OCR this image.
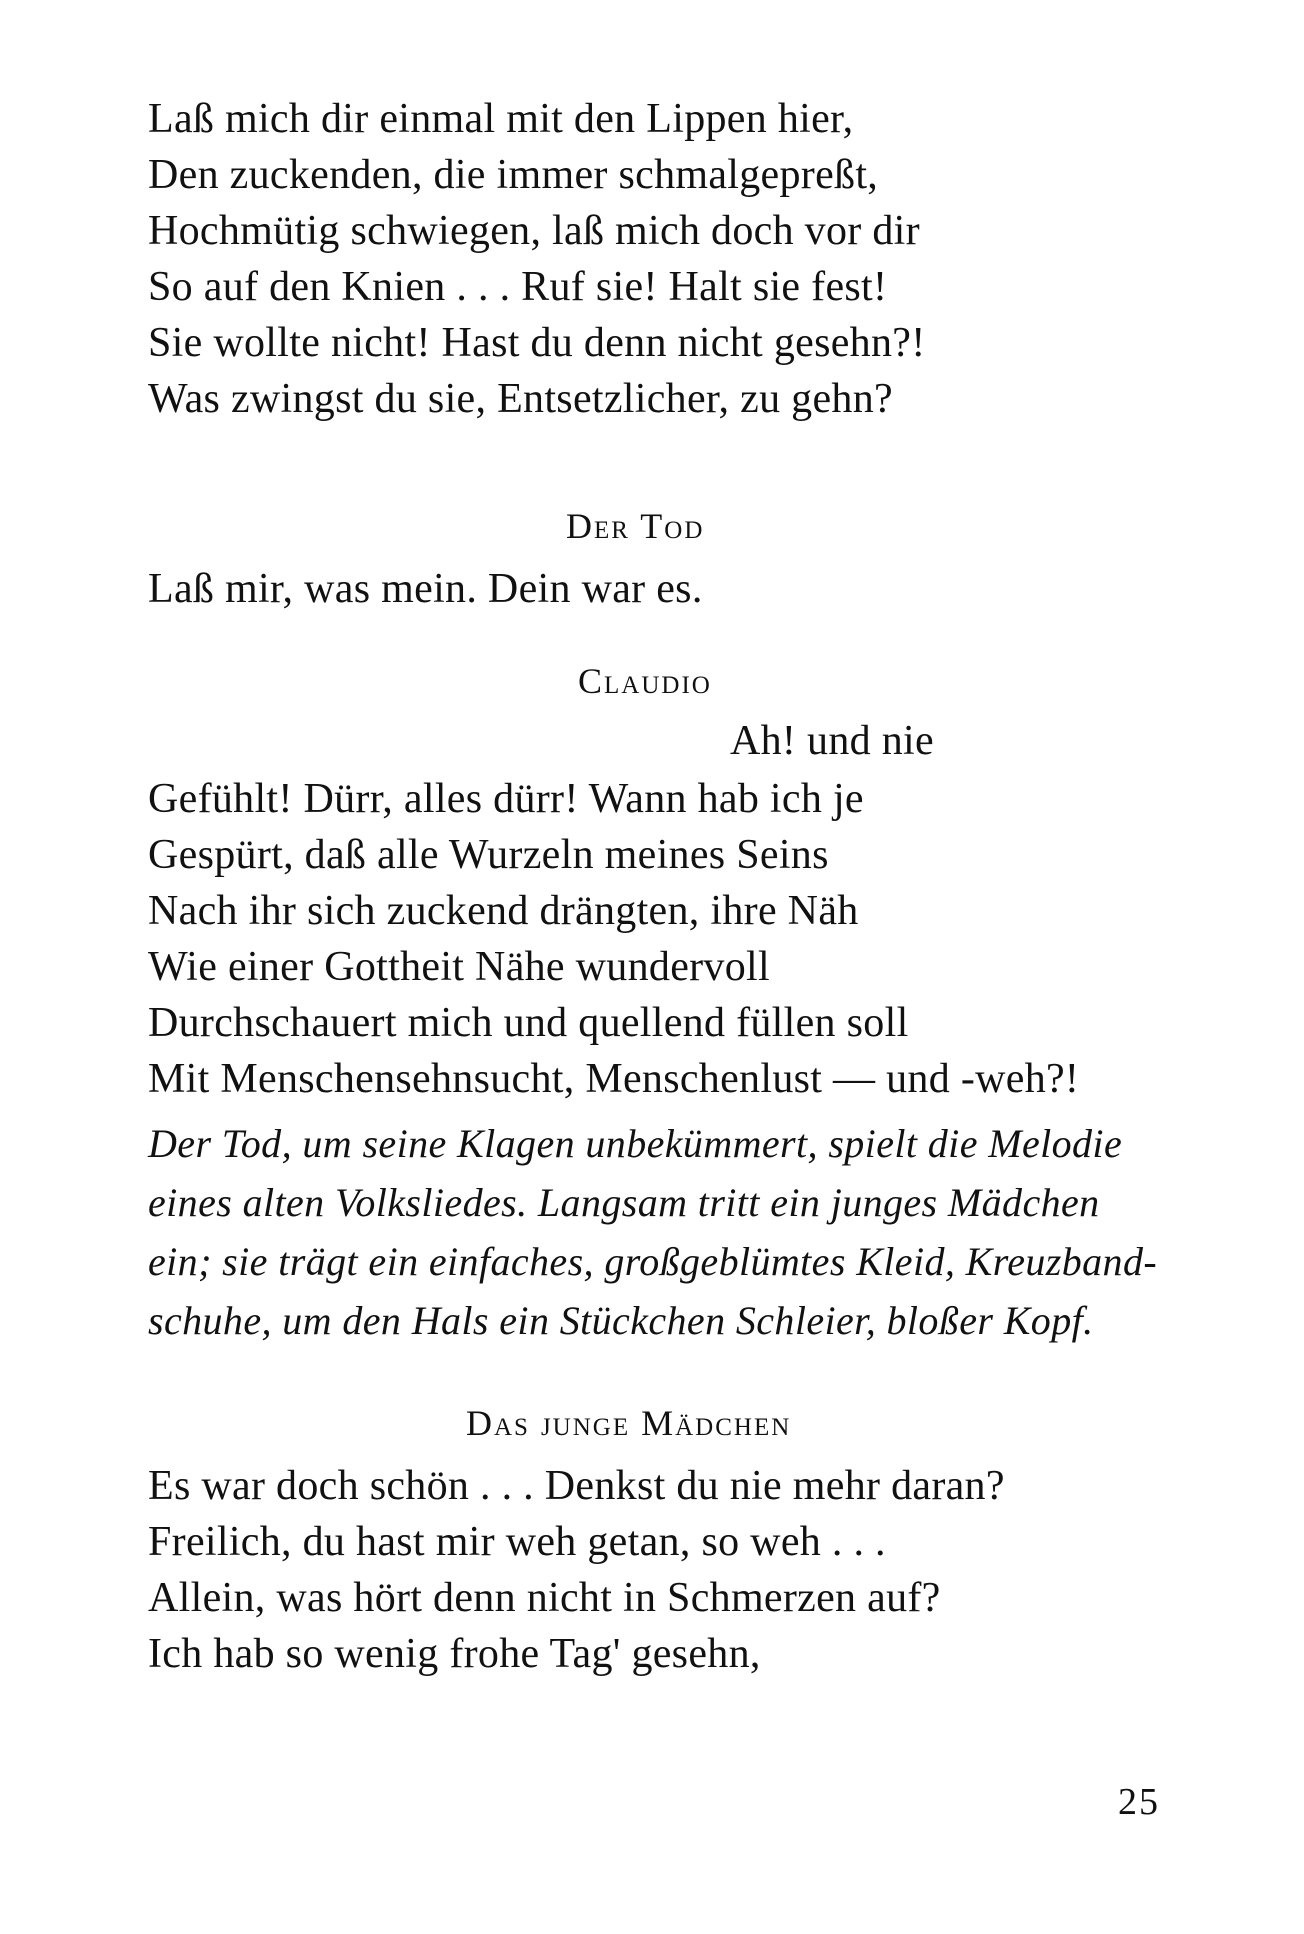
Laß mich dir einmal mit den Lippen hier,
Den zuckenden, die immer schmalgepreßt,
Hochmütig schwiegen, laß mich doch vor dir
So auf den Knien . . . Ruf sie! Halt sie fest!
Sie wollte nicht! Hast du denn nicht gesehn?!
Was zwingst du sie, Entsetzlicher, zu gehn?
Der Tod
Laß mir, was mein. Dein war es.
Claudio
Ah! und nie
Gefühlt! Dürr, alles dürr! Wann hab ich je
Gespürt, daß alle Wurzeln meines Seins
Nach ihr sich zuckend drängten, ihre Näh
Wie einer Gottheit Nähe wundervoll
Durchschauert mich und quellend füllen soll
Mit Menschensehnsucht, Menschenlust — und -weh?!
Der Tod, um seine Klagen unbekümmert, spielt die Melodie
eines alten Volksliedes. Langsam tritt ein junges Mädchen
ein; sie trägt ein einfaches, großgeblümtes Kleid, Kreuzband-
schuhe, um den Hals ein Stückchen Schleier, bloßer Kopf.
Das junge Mädchen
Es war doch schön . . . Denkst du nie mehr daran?
Freilich, du hast mir weh getan, so weh . . .
Allein, was hört denn nicht in Schmerzen auf?
Ich hab so wenig frohe Tag' gesehn,
25
